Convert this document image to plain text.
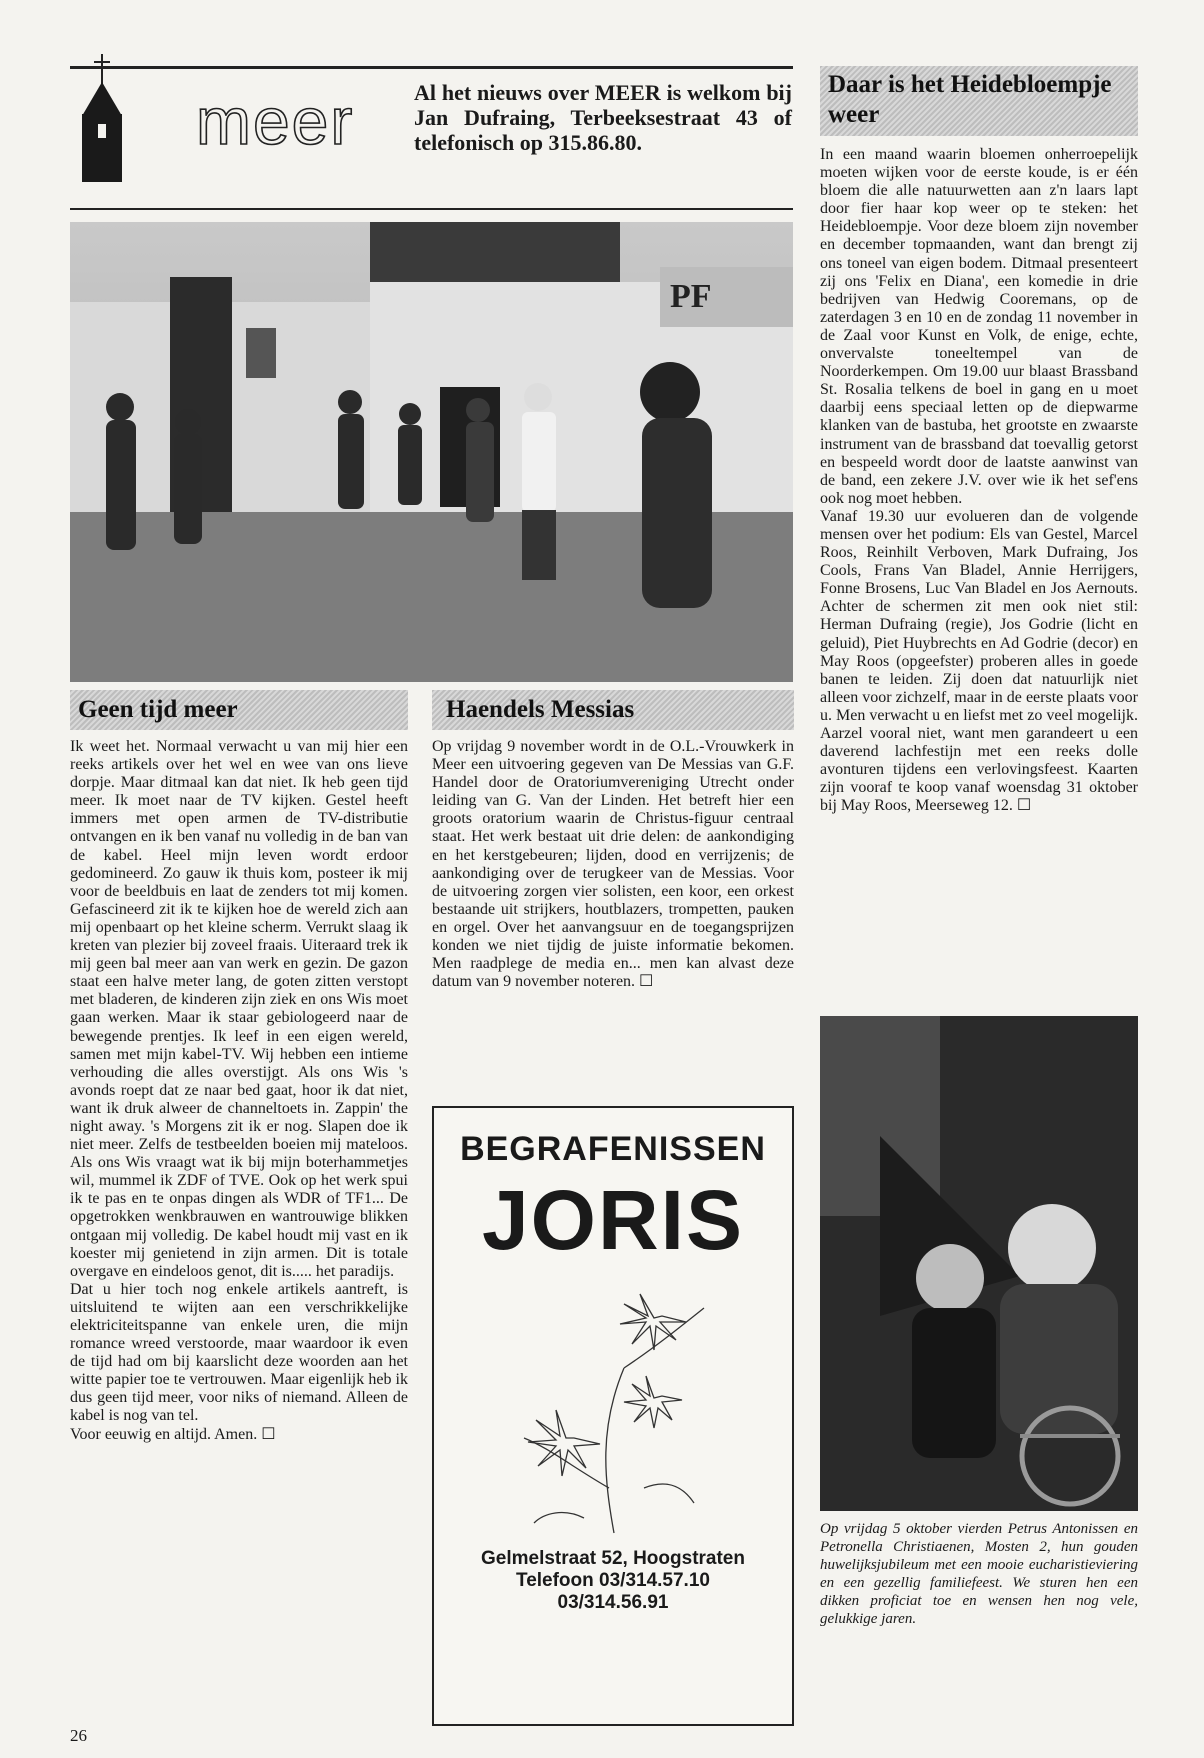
meer	Al het nieuws over MEER is welkom bij Jan Dufraing, Terbeeksestraat 43 of telefonisch op 315.86.80.
PF
Geen tijd meer	Haendels Messias
Daar is het Heidebloempje weer

Ik weet het. Normaal verwacht u van mij hier een reeks artikels over het wel en wee van ons lieve dorpje. Maar ditmaal kan dat niet. Ik heb geen tijd meer. Ik moet naar de TV kijken. Gestel heeft immers met open armen de TV-distributie ontvangen en ik ben vanaf nu volledig in de ban van de kabel. Heel mijn leven wordt erdoor gedomineerd. Zo gauw ik thuis kom, posteer ik mij voor de beeldbuis en laat de zenders tot mij komen. Gefascineerd zit ik te kijken hoe de wereld zich aan mij openbaart op het kleine scherm. Verrukt slaag ik kreten van plezier bij zoveel fraais. Uiteraard trek ik mij geen bal meer aan van werk en gezin. De gazon staat een halve meter lang, de goten zitten verstopt met bladeren, de kinderen zijn ziek en ons Wis moet gaan werken. Maar ik staar gebiologeerd naar de bewegende prentjes. Ik leef in een eigen wereld, samen met mijn kabel-TV. Wij hebben een intieme verhouding die alles overstijgt. Als ons Wis 's avonds roept dat ze naar bed gaat, hoor ik dat niet, want ik druk alweer de channeltoets in. Zappin' the night away. 's Morgens zit ik er nog. Slapen doe ik niet meer. Zelfs de testbeelden boeien mij mateloos. Als ons Wis vraagt wat ik bij mijn boterhammetjes wil, mummel ik ZDF of TVE. Ook op het werk spui ik te pas en te onpas dingen als WDR of TF1... De opgetrokken wenkbrauwen en wantrouwige blikken ontgaan mij volledig. De kabel houdt mij vast en ik koester mij genietend in zijn armen. Dit is totale overgave en eindeloos genot, dit is..... het paradijs.

Dat u hier toch nog enkele artikels aantreft, is uitsluitend te wijten aan een verschrikkelijke elektriciteitspanne van enkele uren, die mijn romance wreed verstoorde, maar waardoor ik even de tijd had om bij kaarslicht deze woorden aan het witte papier toe te vertrouwen. Maar eigenlijk heb ik dus geen tijd meer, voor niks of niemand. Alleen de kabel is nog van tel.

Voor eeuwig en altijd. Amen. ☐

Op vrijdag 9 november wordt in de O.L.-Vrouwkerk in Meer een uitvoering gegeven van De Messias van G.F. Handel door de Oratoriumvereniging Utrecht onder leiding van G. Van der Linden. Het betreft hier een groots oratorium waarin de Christus-figuur centraal staat. Het werk bestaat uit drie delen: de aankondiging en het kerstgebeuren; lijden, dood en verrijzenis; de aankondiging over de terugkeer van de Messias. Voor de uitvoering zorgen vier solisten, een koor, een orkest bestaande uit strijkers, houtblazers, trompetten, pauken en orgel. Over het aanvangsuur en de toegangsprijzen konden we niet tijdig de juiste informatie bekomen. Men raadplege de media en... men kan alvast deze datum van 9 november noteren. ☐

In een maand waarin bloemen onherroepelijk moeten wijken voor de eerste koude, is er één bloem die alle natuurwetten aan z'n laars lapt door fier haar kop weer op te steken: het Heidebloempje. Voor deze bloem zijn november en december topmaanden, want dan brengt zij ons toneel van eigen bodem. Ditmaal presenteert zij ons 'Felix en Diana', een komedie in drie bedrijven van Hedwig Cooremans, op de zaterdagen 3 en 10 en de zondag 11 november in de Zaal voor Kunst en Volk, de enige, echte, onvervalste toneeltempel van de Noorderkempen. Om 19.00 uur blaast Brassband St. Rosalia telkens de boel in gang en u moet daarbij eens speciaal letten op de diepwarme klanken van de bastuba, het grootste en zwaarste instrument van de brassband dat toevallig getorst en bespeeld wordt door de laatste aanwinst van de band, een zekere J.V. over wie ik het sef'ens ook nog moet hebben.

Vanaf 19.30 uur evolueren dan de volgende mensen over het podium: Els van Gestel, Marcel Roos, Reinhilt Verboven, Mark Dufraing, Jos Cools, Frans Van Bladel, Annie Herrijgers, Fonne Brosens, Luc Van Bladel en Jos Aernouts. Achter de schermen zit men ook niet stil: Herman Dufraing (regie), Jos Godrie (licht en geluid), Piet Huybrechts en Ad Godrie (decor) en May Roos (opgeefster) proberen alles in goede banen te leiden. Zij doen dat natuurlijk niet alleen voor zichzelf, maar in de eerste plaats voor u. Men verwacht u en liefst met zo veel mogelijk. Aarzel vooral niet, want men garandeert u een daverend lachfestijn met een reeks dolle avonturen tijdens een verlovingsfeest. Kaarten zijn vooraf te koop vanaf woensdag 31 oktober bij May Roos, Meerseweg 12. ☐

BEGRAFENISSEN
JORIS
Gelmelstraat 52, Hoogstraten
Telefoon 03/314.57.10
03/314.56.91
Op vrijdag 5 oktober vierden Petrus Antonissen en Petronella Christiaenen, Mosten 2, hun gouden huwelijksjubileum met een mooie eucharistieviering en een gezellig familiefeest. We sturen hen een dikken proficiat toe en wensen hen nog vele, gelukkige jaren.
26
